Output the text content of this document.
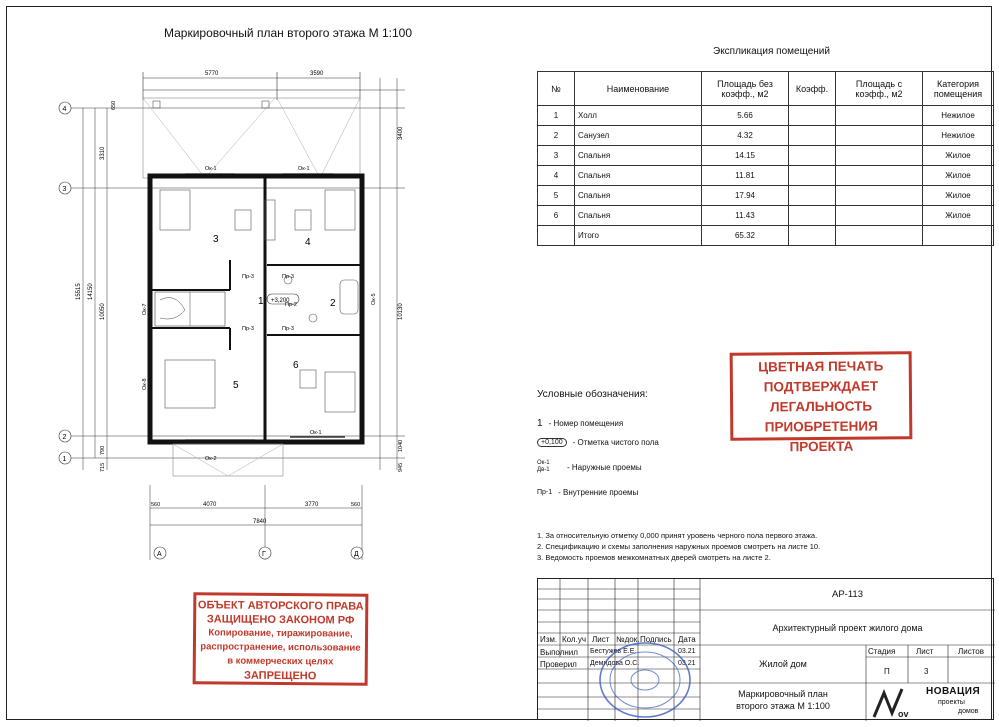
Маркировочный план второго этажа М 1:100
5770	3590
4
3
2
1
15515 14150
650
3310
10050
790
715
3400
10130
1040
945
Ок-1	Ок-1
3	4
1	2
5
6
+3,200
Пр-3	Пр-3
Пр-3	Пр-3
Пр-2
Ок-7
Ок-8
Ок-5
Ок-2
Ок-1
560	4070	3770	560
7840
А	Г	Д
Экспликация помещений
№	Наименование	Площадь без коэфф., м2	Коэфф.	Площадь с коэфф., м2	Категория помещения
1	Холл	5.66			Нежилое
2	Санузел	4.32			Нежилое
3	Спальня	14.15			Жилое
4	Спальня	11.81			Жилое
5	Спальня	17.94			Жилое
6	Спальня	11.43			Жилое
	Итого	65.32			
ЦВЕТНАЯ ПЕЧАТЬ
ПОДТВЕРЖДАЕТ
ЛЕГАЛЬНОСТЬ
ПРИОБРЕТЕНИЯ ПРОЕКТА
Условные обозначения:
1 - Номер помещения
+0,100	- Отметка чистого пола
Ок-1 Дв-1	- Наружные проемы
Пр-1 - Внутренние проемы
1. За относительную отметку 0,000 принят уровень черного пола первого этажа.
2. Спецификацию и схемы заполнения наружных проемов смотреть на листе 10.
3. Ведомость проемов межкомнатных дверей смотреть на листе 2.
ОБЪЕКТ АВТОРСКОГО ПРАВА
ЗАЩИЩЕНО ЗАКОНОМ РФ
Копирование, тиражирование,
распространение, использование
в коммерческих целях
ЗАПРЕЩЕНО
Изм. Кол.уч Лист №док. Подпись Дата
Выполнил Бестужев Е.Е.	03.21
Проверил Демидова О.С.	03.21
АР-113
Архитектурный проект жилого дома
Жилой дом
Стадия	Лист	Листов
П	3
Маркировочный план
второго этажа М 1:100
ov
НОВАЦИЯ
проекты
домов
